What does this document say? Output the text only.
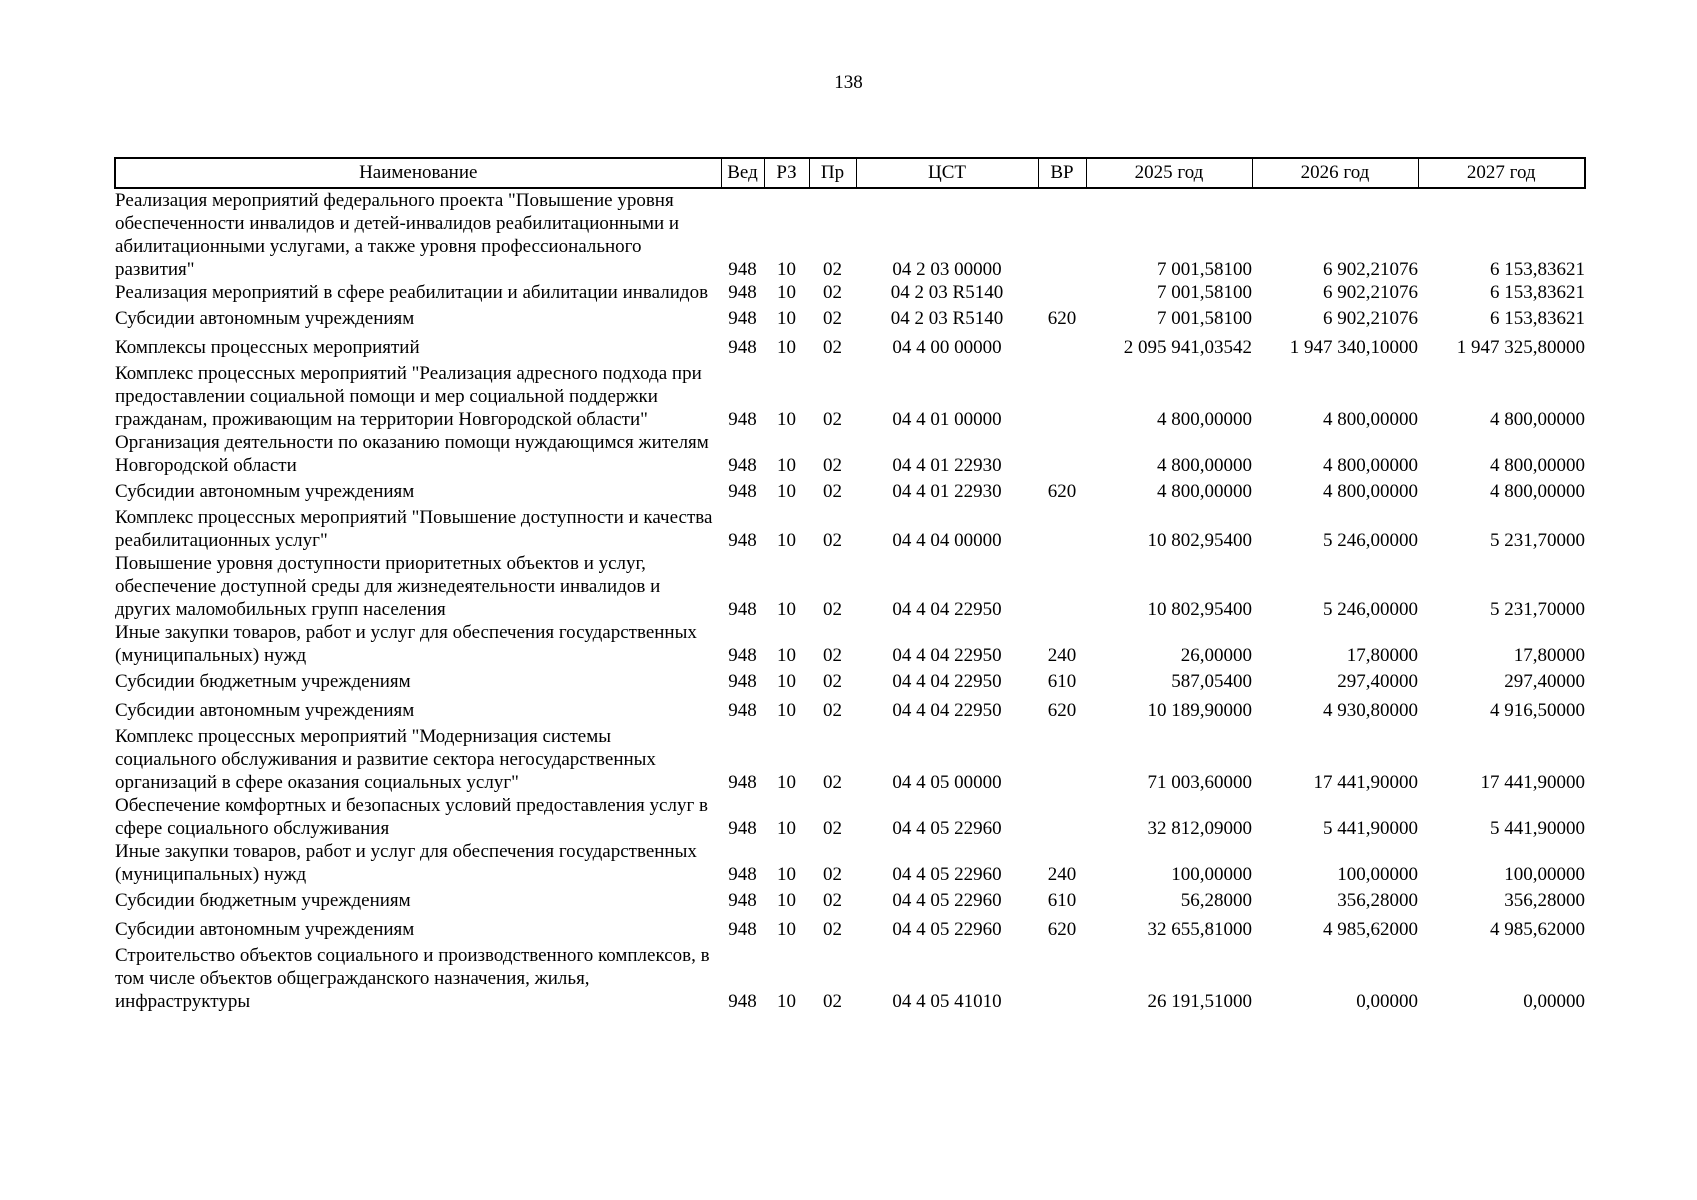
138
Наименование	Вед	РЗ	Пр	ЦСТ	ВР	2025 год	2026 год	2027 год
Реализация мероприятий федерального проекта "Повышение уровня обеспеченности инвалидов и детей-инвалидов реабилитационными и абилитационными услугами, а также уровня профессионального развития"	948	10	02	04 2 03 00000		7 001,58100	6 902,21076	6 153,83621
Реализация мероприятий в сфере реабилитации и абилитации инвалидов	948	10	02	04 2 03 R5140		7 001,58100	6 902,21076	6 153,83621
Субсидии автономным учреждениям	948	10	02	04 2 03 R5140	620	7 001,58100	6 902,21076	6 153,83621
Комплексы процессных мероприятий	948	10	02	04 4 00 00000		2 095 941,03542	1 947 340,10000	1 947 325,80000
Комплекс процессных мероприятий "Реализация адресного подхода при предоставлении социальной помощи и мер социальной поддержки гражданам, проживающим на территории Новгородской области"	948	10	02	04 4 01 00000		4 800,00000	4 800,00000	4 800,00000
Организация деятельности по оказанию помощи нуждающимся жителям Новгородской области	948	10	02	04 4 01 22930		4 800,00000	4 800,00000	4 800,00000
Субсидии автономным учреждениям	948	10	02	04 4 01 22930	620	4 800,00000	4 800,00000	4 800,00000
Комплекс процессных мероприятий "Повышение доступности и качества реабилитационных услуг"	948	10	02	04 4 04 00000		10 802,95400	5 246,00000	5 231,70000
Повышение уровня доступности приоритетных объектов и услуг, обеспечение доступной среды для жизнедеятельности инвалидов и других маломобильных групп населения	948	10	02	04 4 04 22950		10 802,95400	5 246,00000	5 231,70000
Иные закупки товаров, работ и услуг для обеспечения государственных (муниципальных) нужд	948	10	02	04 4 04 22950	240	26,00000	17,80000	17,80000
Субсидии бюджетным учреждениям	948	10	02	04 4 04 22950	610	587,05400	297,40000	297,40000
Субсидии автономным учреждениям	948	10	02	04 4 04 22950	620	10 189,90000	4 930,80000	4 916,50000
Комплекс процессных мероприятий "Модернизация системы социального обслуживания и развитие сектора негосударственных организаций в сфере оказания социальных услуг"	948	10	02	04 4 05 00000		71 003,60000	17 441,90000	17 441,90000
Обеспечение комфортных и безопасных условий предоставления услуг в сфере социального обслуживания	948	10	02	04 4 05 22960		32 812,09000	5 441,90000	5 441,90000
Иные закупки товаров, работ и услуг для обеспечения государственных (муниципальных) нужд	948	10	02	04 4 05 22960	240	100,00000	100,00000	100,00000
Субсидии бюджетным учреждениям	948	10	02	04 4 05 22960	610	56,28000	356,28000	356,28000
Субсидии автономным учреждениям	948	10	02	04 4 05 22960	620	32 655,81000	4 985,62000	4 985,62000
Строительство объектов социального и производственного комплексов, в том числе объектов общегражданского назначения, жилья, инфраструктуры	948	10	02	04 4 05 41010		26 191,51000	0,00000	0,00000
